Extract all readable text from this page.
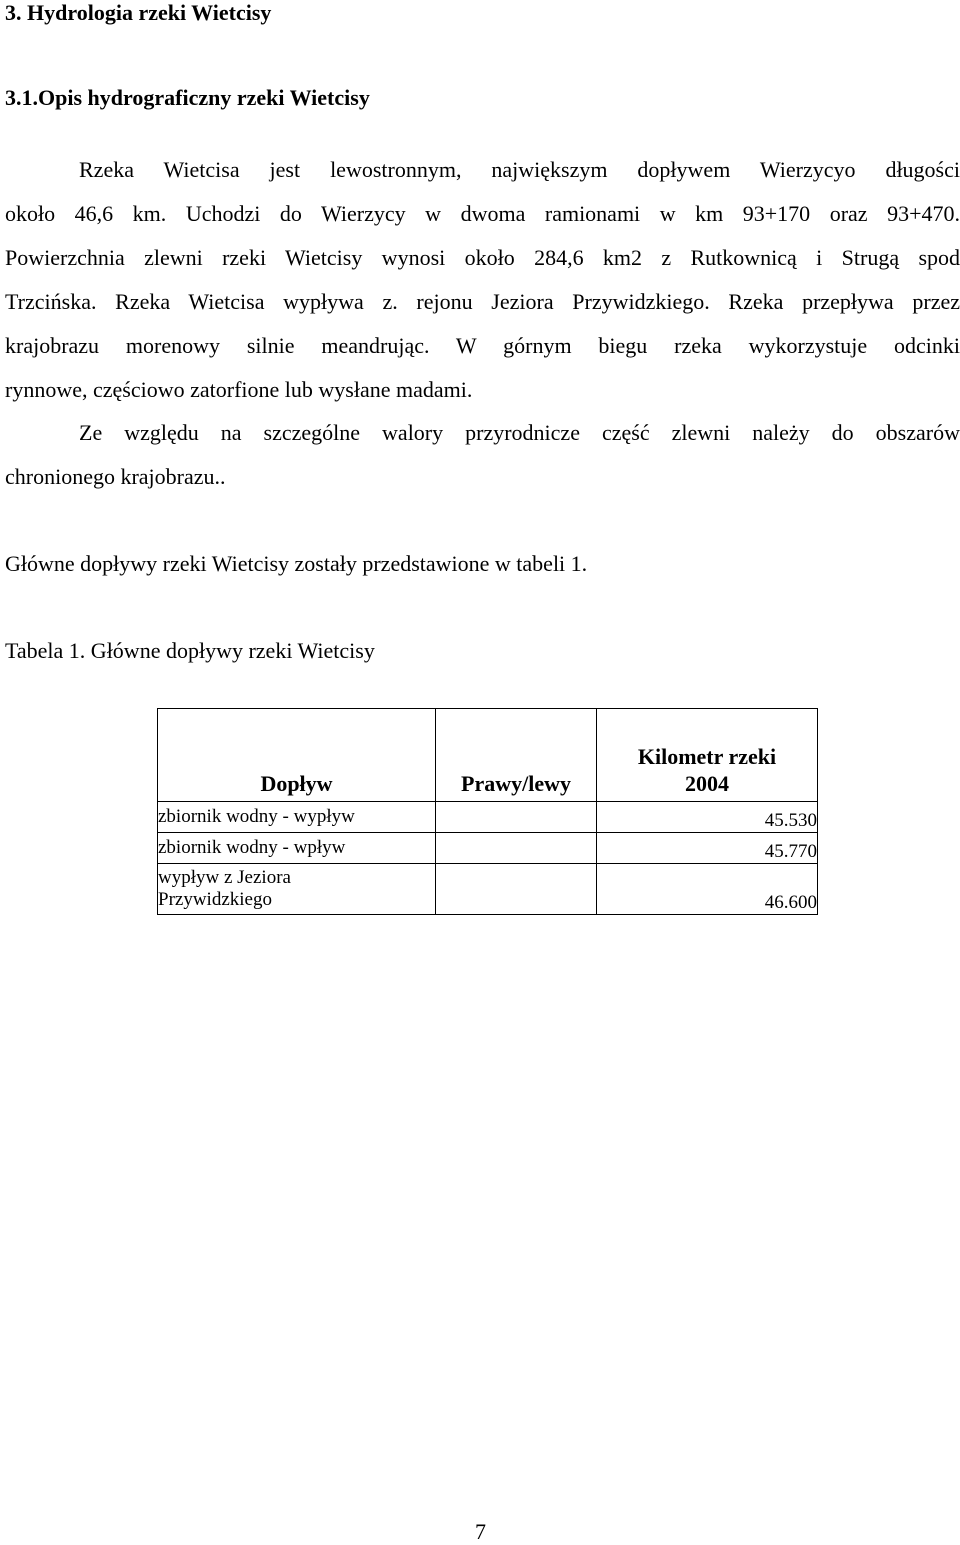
3. Hydrologia rzeki Wietcisy
3.1.Opis hydrograficzny rzeki Wietcisy
Rzeka Wietcisa jest lewostronnym, największym dopływem Wierzycyo długości
około 46,6 km. Uchodzi do Wierzycy w dwoma ramionami w km 93+170 oraz 93+470.
Powierzchnia zlewni rzeki Wietcisy wynosi około 284,6 km2 z Rutkownicą i Strugą spod
Trzcińska. Rzeka Wietcisa wypływa z. rejonu Jeziora Przywidzkiego. Rzeka przepływa przez
krajobrazu morenowy silnie meandrując. W górnym biegu rzeka wykorzystuje odcinki
rynnowe, częściowo zatorfione lub wysłane madami.
Ze względu na szczególne walory przyrodnicze część zlewni należy do obszarów
chronionego krajobrazu..
Główne dopływy rzeki Wietcisy zostały przedstawione w tabeli 1.
Tabela 1. Główne dopływy rzeki Wietcisy
Dopływ	Prawy/lewy	Kilometr rzeki 2004
zbiornik wodny - wypływ		45.530
zbiornik wodny - wpływ		45.770
wypływ z Jeziora Przywidzkiego		46.600
7
